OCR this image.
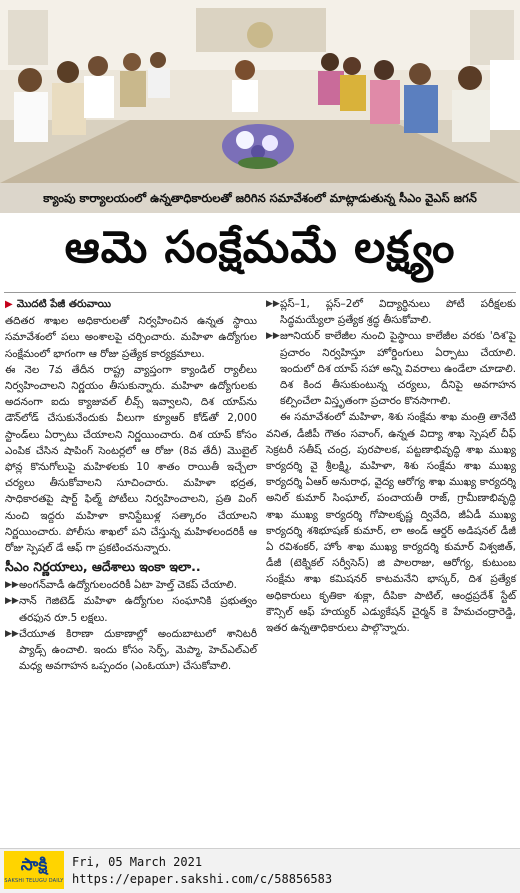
క్యాంపు కార్యాలయంలో ఉన్నతాధికారులతో జరిగిన సమావేశంలో మాట్లాడుతున్న సీఎం వైఎస్ జగన్
ఆమె సంక్షేమమే లక్ష్యం
▶ మొదటి పేజీ తరువాయి

తదితర శాఖల అధికారులతో నిర్వహించిన ఉన్నత స్థాయి సమావేశంలో పలు అంశాలపై చర్చించారు. మహిళా ఉద్యోగుల సంక్షేమంలో భాగంగా ఆ రోజు ప్రత్యేక కార్యక్రమాలు.

ఈ నెల 7వ తేదీన రాష్ట్ర వ్యాప్తంగా క్యాండిల్ ర్యాలీలు నిర్వహించాలని నిర్ణయం తీసుకున్నారు. మహిళా ఉద్యోగులకు అదనంగా ఐదు క్యాజువల్ లీవ్స్ ఇవ్వాలని, దిశ యాప్‌ను డౌన్‌లోడ్ చేసుకునేందుకు వీలుగా క్యూఆర్ కోడ్‌తో 2,000 స్టాండ్‌లు ఏర్పాటు చేయాలని నిర్ణయించారు. దిశ యాప్ కోసం ఎంపిక చేసిన షాపింగ్ సెంటర్లలో ఆ రోజు (8వ తేదీ) మొబైల్ ఫోన్ల కొనుగోలుపై మహిళలకు 10 శాతం రాయితీ ఇచ్చేలా చర్యలు తీసుకోవాలని సూచించారు. మహిళా భద్రత, సాధికారతపై షార్ట్ ఫిల్మ్ పోటీలు నిర్వహించాలని, ప్రతి వింగ్ నుంచి ఇద్దరు మహిళా కానిస్టేబుళ్ల సత్కారం చేయాలని నిర్ణయించారు. పోలీసు శాఖలో పని చేస్తున్న మహిళలందరికీ ఆ రోజు స్పెషల్ డే ఆఫ్ గా ప్రకటించనున్నారు.

సీఎం నిర్ణయాలు, ఆదేశాలు ఇంకా ఇలా..
▶▶ అంగన్‌వాడీ ఉద్యోగులందరికీ ఏటా హెల్త్ చెకప్ చేయాలి.
▶▶ నాన్ గెజిటెడ్ మహిళా ఉద్యోగుల సంఘానికి ప్రభుత్వం తరఫున రూ.5 లక్షలు.
▶▶ చేయూత కిరాణా దుకాణాల్లో అందుబాటులో శానిటరీ ప్యాడ్స్ ఉంచాలి. ఇందు కోసం సెర్ప్, మెప్మా, హెచ్‌ఎల్‌ఎల్ మధ్య అవగాహన ఒప్పందం (ఎంఓయూ) చేసుకోవాలి.
▶▶ ప్లస్–1, ప్లస్–2లో విద్యార్థినులు పోటీ పరీక్షలకు సిద్ధమయ్యేలా ప్రత్యేక శ్రద్ధ తీసుకోవాలి.
▶▶ జూనియర్ కాలేజీల నుంచి పైస్థాయి కాలేజీల వరకు 'దిశ'పై ప్రచారం నిర్వహిస్తూ హోర్డింగులు ఏర్పాటు చేయాలి. ఇందులో దిశ యాప్ సహా అన్ని వివరాలు ఉండేలా చూడాలి. దిశ కింద తీసుకుంటున్న చర్యలు, దీనిపై అవగాహన కల్పించేలా విస్తృతంగా ప్రచారం కొనసాగాలి.

ఈ సమావేశంలో మహిళా, శిశు సంక్షేమ శాఖ మంత్రి తానేటి వనిత, డీజీపీ గౌతం సవాంగ్, ఉన్నత విద్యా శాఖ స్పెషల్ చీఫ్ సెక్రటరీ సతీష్ చంద్ర, పురపాలక, పట్టణాభివృద్ధి శాఖ ముఖ్య కార్యదర్శి వై శ్రీలక్ష్మి, మహిళా, శిశు సంక్షేమ శాఖ ముఖ్య కార్యదర్శి ఏఆర్ అనురాధ, వైద్య ఆరోగ్య శాఖ ముఖ్య కార్యదర్శి అనిల్ కుమార్ సింఘాల్, పంచాయతీ రాజ్, గ్రామీణాభివృద్ధి శాఖ ముఖ్య కార్యదర్శి గోపాలకృష్ణ ద్వివేది, జీఏడీ ముఖ్య కార్యదర్శి శశిభూషణ్ కుమార్, లా అండ్ ఆర్డర్ అడిషనల్ డీజీ ఏ రవిశంకర్, హోం శాఖ ముఖ్య కార్యదర్శి కుమార్ విశ్వజిత్, డీజీ (టెక్నికల్ సర్వీసెస్) జి పాలరాజు, ఆరోగ్య, కుటుంబ సంక్షేమ శాఖ కమిషనర్ కాటమనేని భాస్కర్, దిశ ప్రత్యేక అధికారులు కృతికా శుక్లా, దీపికా పాటిల్, ఆంధ్రప్రదేశ్ స్టేట్ కౌన్సిల్ ఆఫ్ హయ్యర్ ఎడ్యుకేషన్ చైర్మన్ కె హేమచంద్రారెడ్డి, ఇతర ఉన్నతాధికారులు పాల్గొన్నారు.

సాక్షి
SAKSHI TELUGU DAILY
Fri, 05 March 2021
https://epaper.sakshi.com/c/58856583
